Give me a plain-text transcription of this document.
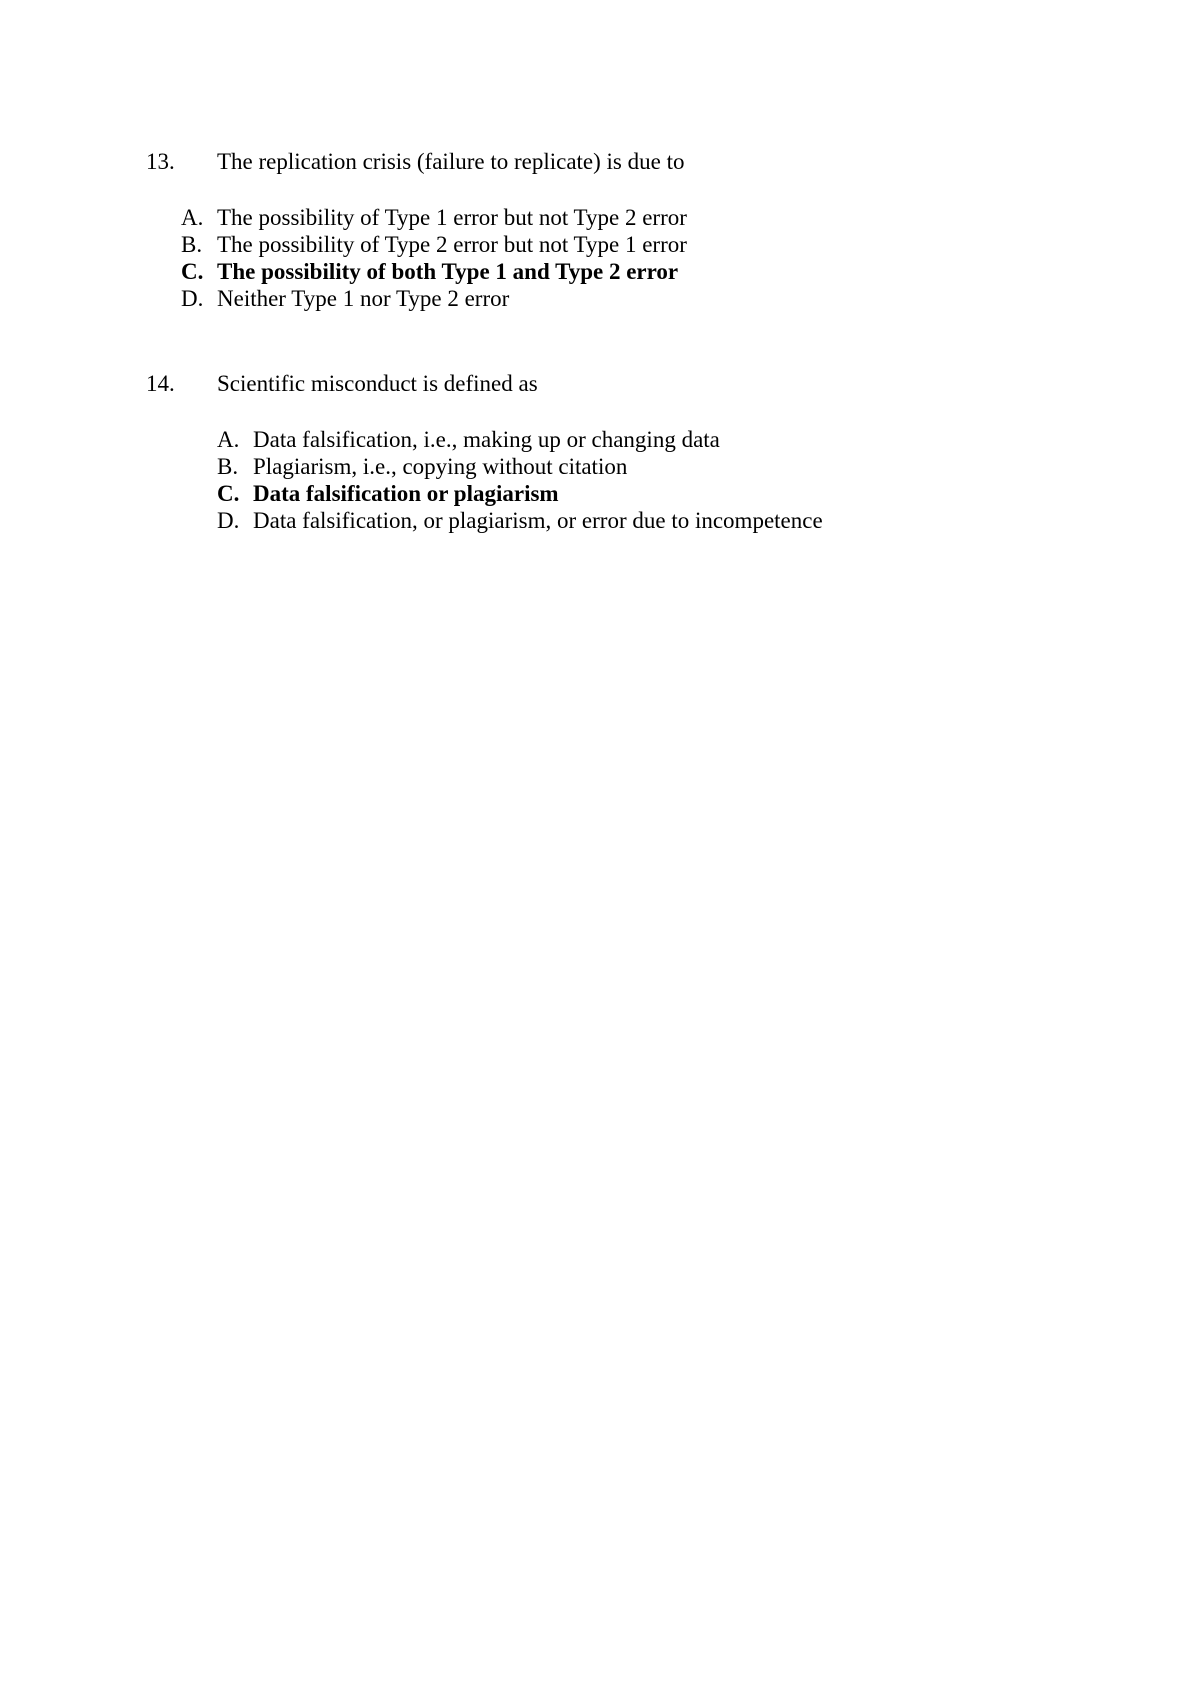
13. The replication crisis (failure to replicate) is due to
A. The possibility of Type 1 error but not Type 2 error
B. The possibility of Type 2 error but not Type 1 error
C. The possibility of both Type 1 and Type 2 error
D. Neither Type 1 nor Type 2 error
14. Scientific misconduct is defined as
A. Data falsification, i.e., making up or changing data
B. Plagiarism, i.e., copying without citation
C. Data falsification or plagiarism
D. Data falsification, or plagiarism, or error due to incompetence
